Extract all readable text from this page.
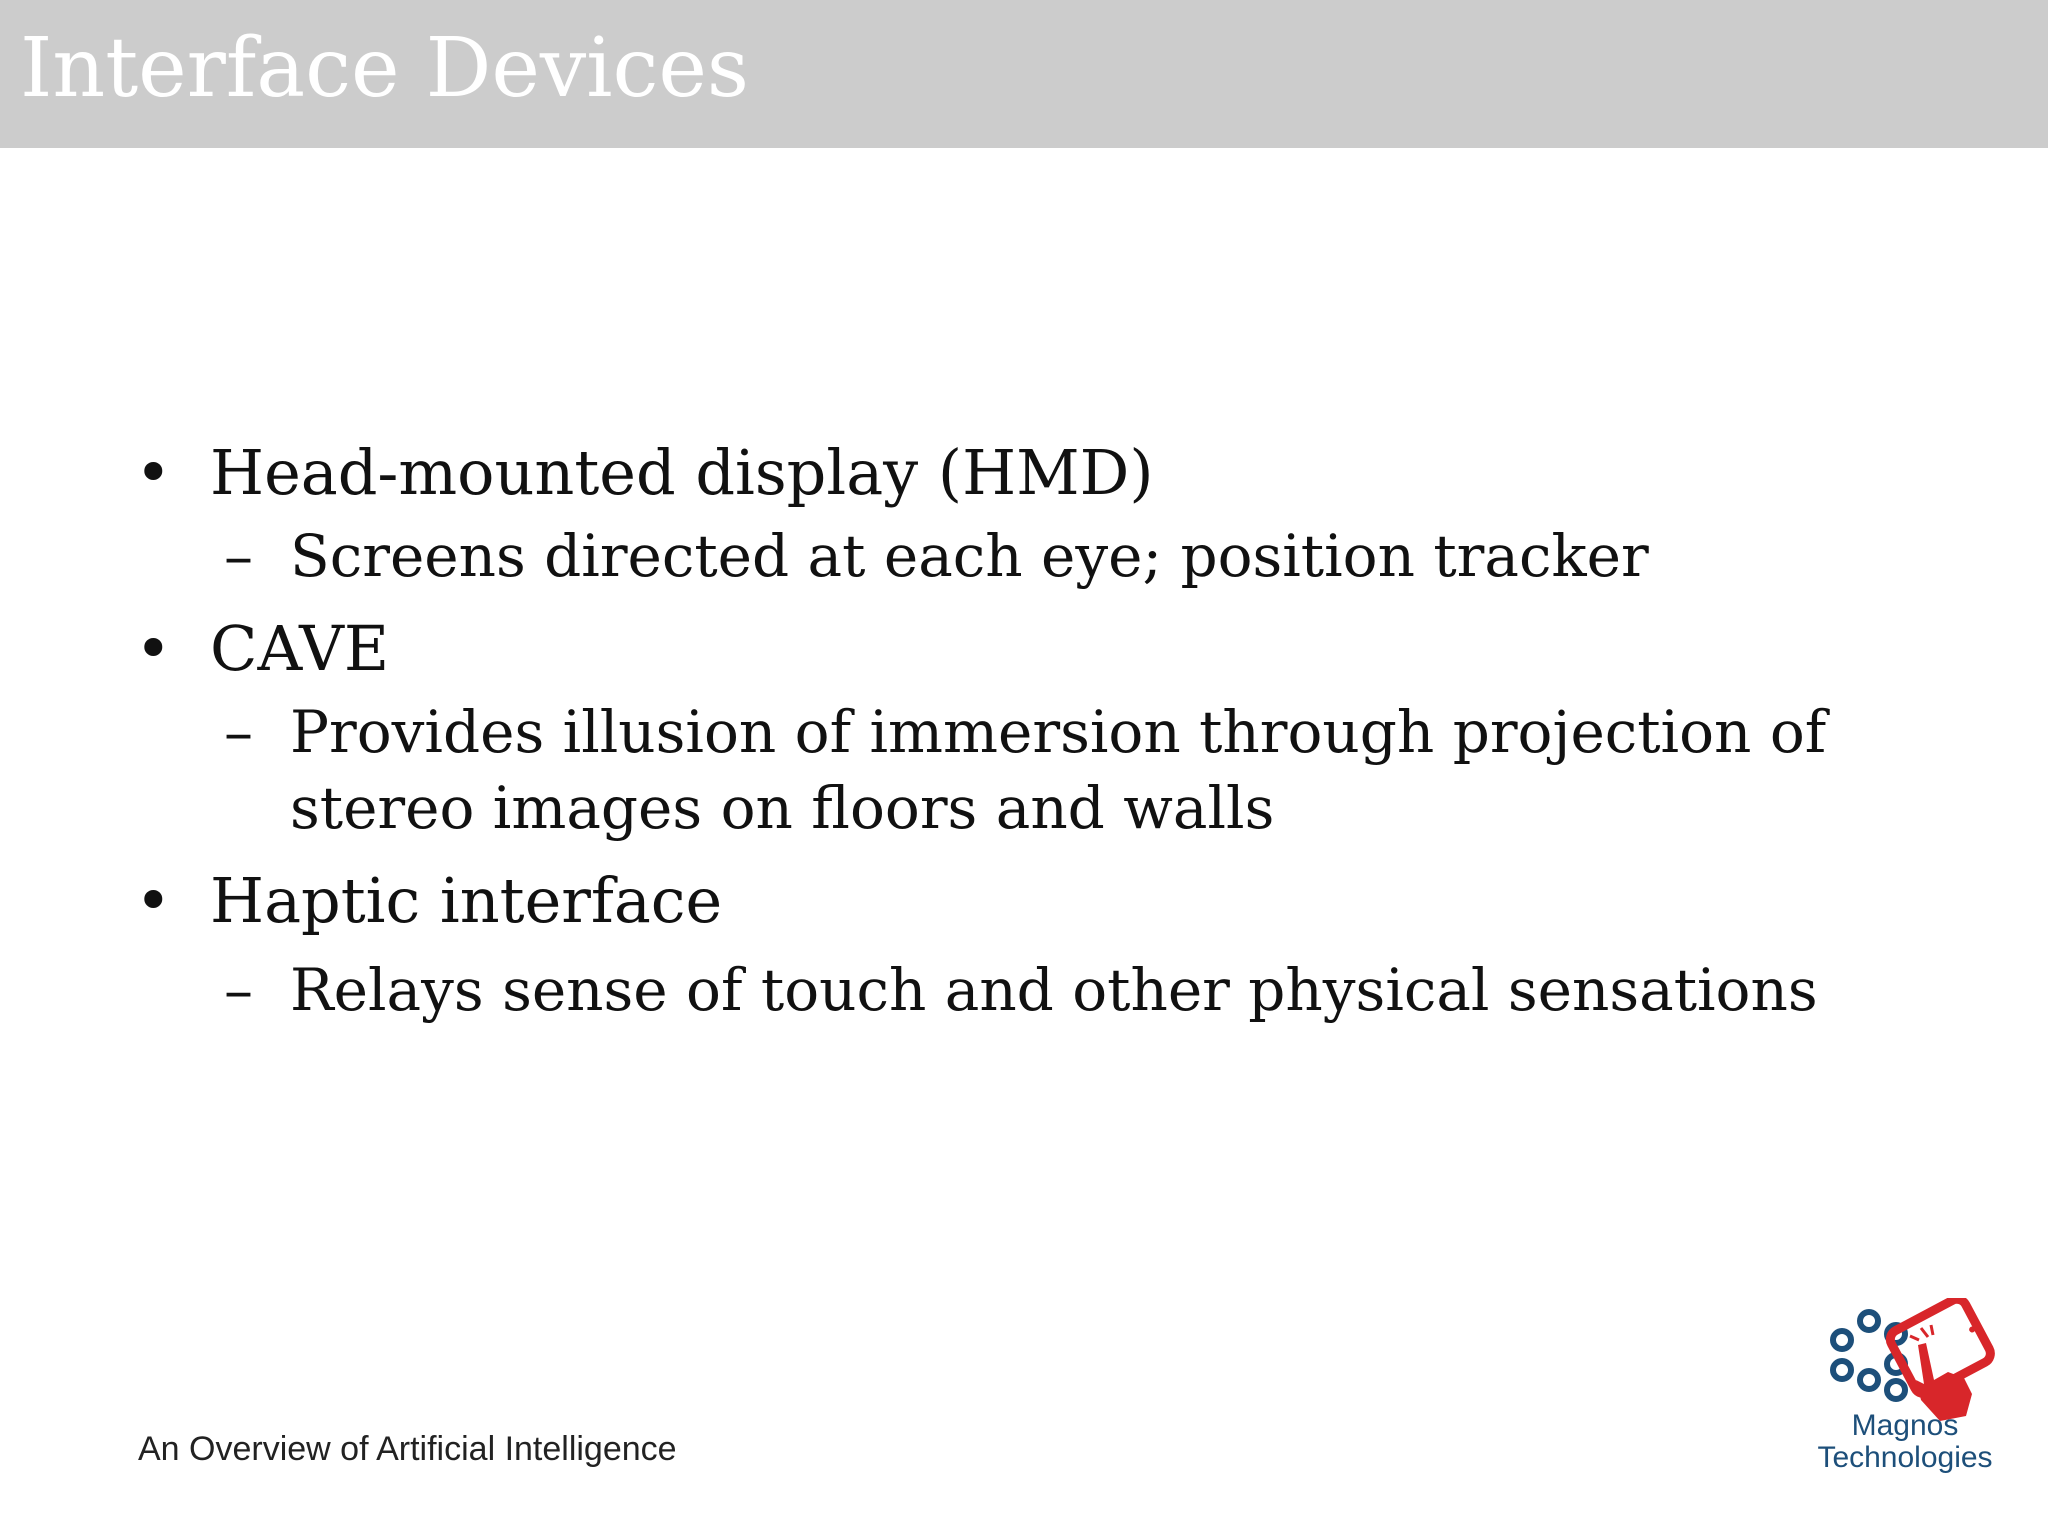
Interface Devices
• Head-mounted display (HMD)
– Screens directed at each eye; position tracker
• CAVE
– Provides illusion of immersion through projection of stereo images on floors and walls
• Haptic interface
– Relays sense of touch and other physical sensations
An Overview of Artificial Intelligence
Magnos
Technologies
